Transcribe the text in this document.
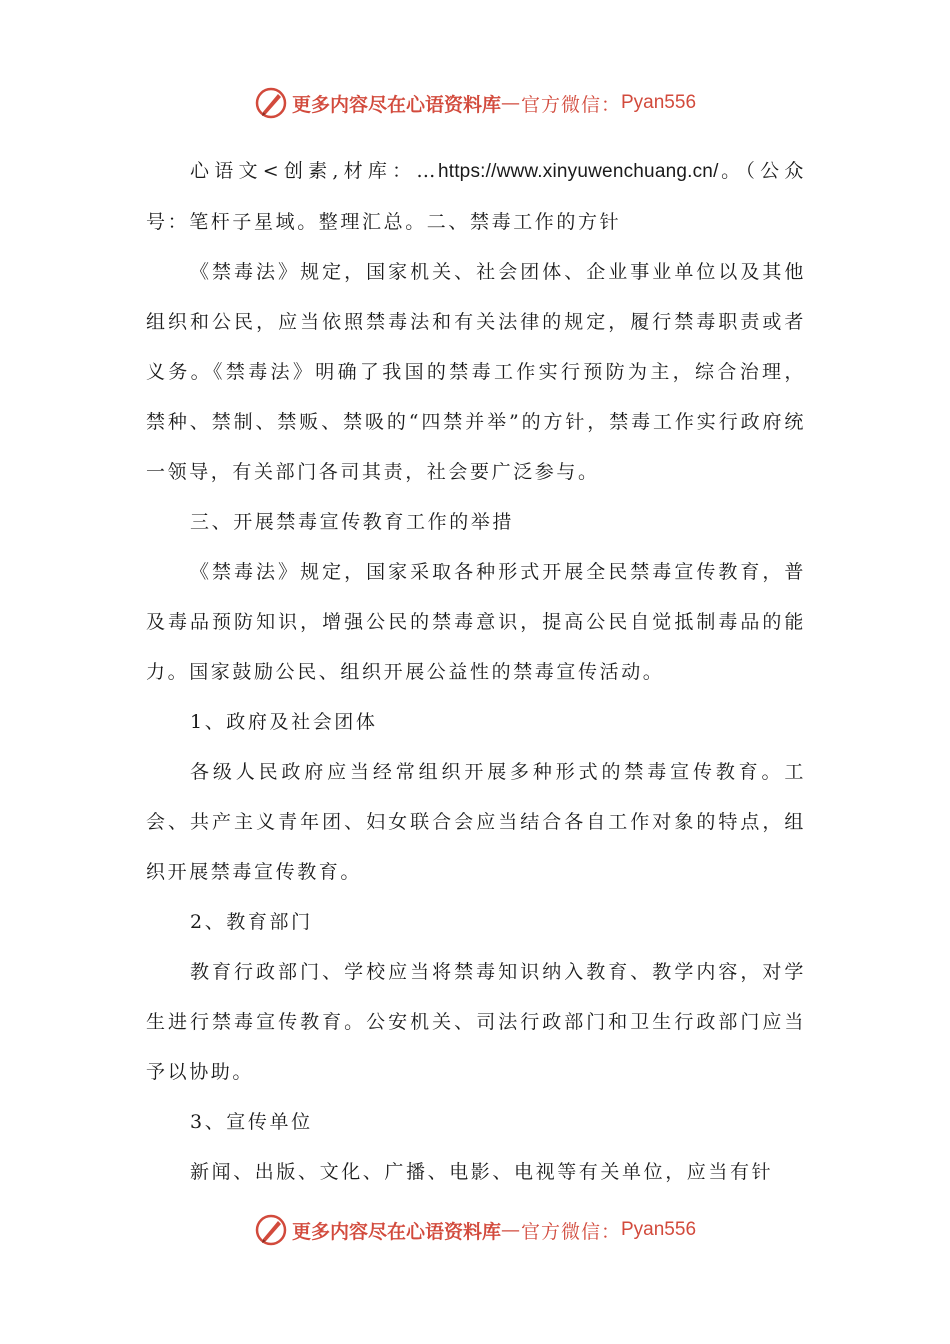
更多内容尽在心语资料库 — 官方微信： Pyan556

心语文<创素,材库：…https://www.xinyuwenchuang.cn/。（公众号：笔杆子星域。整理汇总。二、禁毒工作的方针

《禁毒法》规定，国家机关、社会团体、企业事业单位以及其他组织和公民，应当依照禁毒法和有关法律的规定，履行禁毒职责或者义务。《禁毒法》明确了我国的禁毒工作实行预防为主，综合治理，禁种、禁制、禁贩、禁吸的“四禁并举”的方针，禁毒工作实行政府统一领导，有关部门各司其责，社会要广泛参与。

三、开展禁毒宣传教育工作的举措

《禁毒法》规定，国家采取各种形式开展全民禁毒宣传教育，普及毒品预防知识，增强公民的禁毒意识，提高公民自觉抵制毒品的能力。国家鼓励公民、组织开展公益性的禁毒宣传活动。

1、政府及社会团体

各级人民政府应当经常组织开展多种形式的禁毒宣传教育。工会、共产主义青年团、妇女联合会应当结合各自工作对象的特点，组织开展禁毒宣传教育。

2、教育部门

教育行政部门、学校应当将禁毒知识纳入教育、教学内容，对学生进行禁毒宣传教育。公安机关、司法行政部门和卫生行政部门应当予以协助。

3、宣传单位

新闻、出版、文化、广播、电影、电视等有关单位，应当有针

更多内容尽在心语资料库 — 官方微信： Pyan556
